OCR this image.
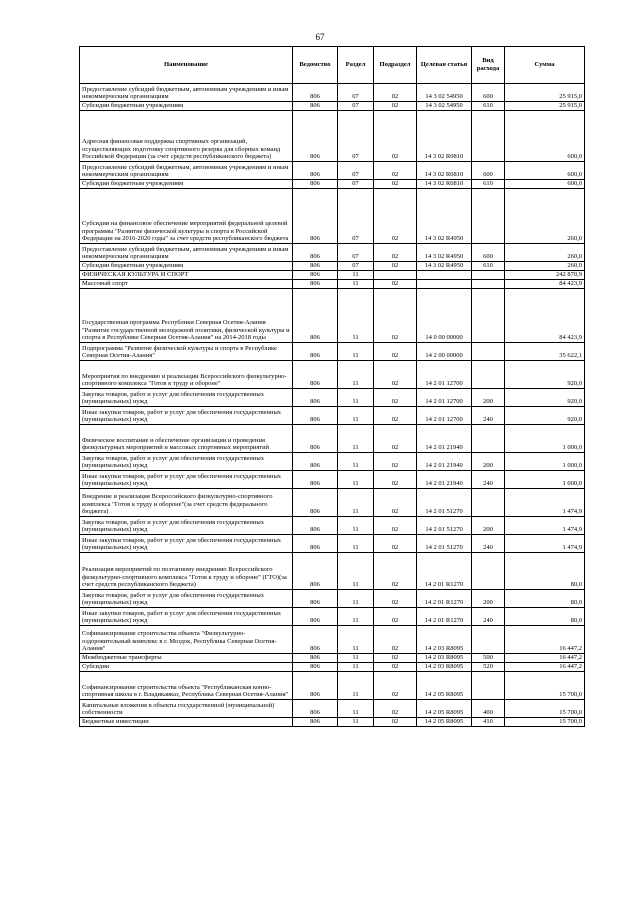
67
Наименование	Ведомство	Раздел	Подраздел	Целевая статья	Вид расхода	Сумма
Предоставление субсидий бюджетным, автономным учреждениям и иным некоммерческим организациям	806	07	02	14 3 02 54950	600	25 915,0
Субсидии бюджетным учреждениям	806	07	02	14 3 02 54950	610	25 915,0
Адресная финансовая поддержка спортивных организаций, осуществляющих подготовку спортивного резерва для сборных команд Российской Федерации (за счет средств республиканского бюджета)	806	07	02	14 3 02 R0810		600,0
Предоставление субсидий бюджетным, автономным учреждениям и иным некоммерческим организациям	806	07	02	14 3 02 R0810	600	600,0
Субсидии бюджетным учреждениям	806	07	02	14 3 02 R0810	610	600,0
Субсидии на финансовое обеспечение мероприятий федеральной целевой программы "Развитие физической культуры и спорта в Российской Федерации на 2016-2020 годы" за счет средств республиканского бюджета	806	07	02	14 3 02 R4950		260,0
Предоставление субсидий бюджетным, автономным учреждениям и иным некоммерческим организациям	806	07	02	14 3 02 R4950	600	260,0
Субсидии бюджетным учреждениям	806	07	02	14 3 02 R4950	610	260,0
ФИЗИЧЕСКАЯ КУЛЬТУРА И СПОРТ	806	11				242 870,9
Массовый спорт	806	11	02			84 423,9
Государственная программа Республики Северная Осетия-Алания "Развитие государственной молодежной политики, физической культуры и спорта в Республике Северная Осетия-Алания" на 2014-2018 годы	806	11	02	14 0 00 00000		84 423,9
Подпрограмма "Развитие физической культуры и спорта в Республике Северная Осетия-Алания"	806	11	02	14 2 00 00000		35 622,1
Мероприятия по внедрению и реализации Всероссийского физкультурно-спортивного комплекса "Готов к труду и обороне"	806	11	02	14 2 01 12700		920,0
Закупка товаров, работ и услуг для обеспечения государственных (муниципальных) нужд	806	11	02	14 2 01 12700	200	920,0
Иные закупки товаров, работ и услуг для обеспечения государственных (муниципальных) нужд	806	11	02	14 2 01 12700	240	920,0
Физическое воспитание и обеспечение организации и проведения физкультурных мероприятий и массовых спортивных мероприятий	806	11	02	14 2 01 21940		1 000,0
Закупка товаров, работ и услуг для обеспечения государственных (муниципальных) нужд	806	11	02	14 2 01 21940	200	1 000,0
Иные закупки товаров, работ и услуг для обеспечения государственных (муниципальных) нужд	806	11	02	14 2 01 21940	240	1 000,0
Внедрение и реализация Всероссийского физкультурно-спортивного комплекса "Готов к труду и обороне"(за счет средств федерального бюджета)	806	11	02	14 2 01 51270		1 474,9
Закупка товаров, работ и услуг для обеспечения государственных (муниципальных) нужд	806	11	02	14 2 01 51270	200	1 474,9
Иные закупки товаров, работ и услуг для обеспечения государственных (муниципальных) нужд	806	11	02	14 2 01 51270	240	1 474,9
Реализация мероприятий по поэтапному внедрению Всероссийского физкультурно-спортивного комплекса "Готов к труду и обороне" (ГТО)(за счет средств республиканского бюджета)	806	11	02	14 2 01 R1270		80,0
Закупка товаров, работ и услуг для обеспечения государственных (муниципальных) нужд	806	11	02	14 2 01 R1270	200	80,0
Иные закупки товаров, работ и услуг для обеспечения государственных (муниципальных) нужд	806	11	02	14 2 01 R1270	240	80,0
Софинансирование строительства объекта "Физкультурно-оздоровительный комплекс в г. Моздок, Республика Северная Осетия-Алания"	806	11	02	14 2 03 R8095		16 447,2
Межбюджетные трансферты	806	11	02	14 2 03 R8095	500	16 447,2
Субсидии	806	11	02	14 2 03 R8095	520	16 447,2
Софинансирование строительства объекта "Республиканская конно-спортивная школа в г. Владикавказ, Республика Северная Осетия-Алания"	806	11	02	14 2 05 R8095		15 700,0
Капитальные вложения в объекты государственной (муниципальной) собственности	806	11	02	14 2 05 R8095	400	15 700,0
Бюджетные инвестиции	806	11	02	14 2 05 R8095	410	15 700,0
